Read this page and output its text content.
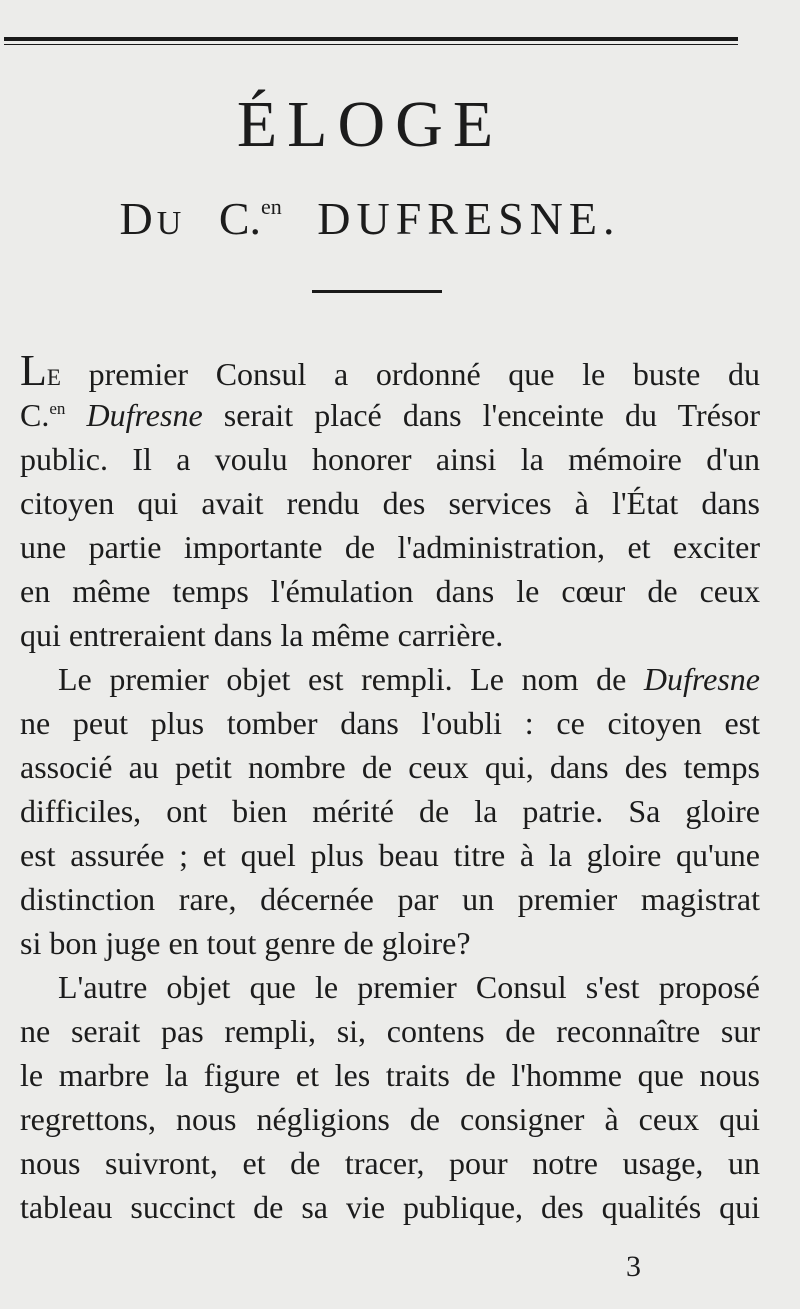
ÉLOGE
DU C.$^{en}$ DUFRESNE.
LE premier Consul a ordonné que le buste du
C.$^{en}$ Dufresne serait placé dans l'enceinte du Trésor
public. Il a voulu honorer ainsi la mémoire d'un
citoyen qui avait rendu des services à l'État dans
une partie importante de l'administration, et exciter
en même temps l'émulation dans le cœur de ceux
qui entreraient dans la même carrière.
Le premier objet est rempli. Le nom de Dufresne
ne peut plus tomber dans l'oubli : ce citoyen est
associé au petit nombre de ceux qui, dans des temps
difficiles, ont bien mérité de la patrie. Sa gloire
est assurée ; et quel plus beau titre à la gloire qu'une
distinction rare, décernée par un premier magistrat
si bon juge en tout genre de gloire?
L'autre objet que le premier Consul s'est proposé
ne serait pas rempli, si, contens de reconnaître sur
le marbre la figure et les traits de l'homme que nous
regrettons, nous négligions de consigner à ceux qui
nous suivront, et de tracer, pour notre usage, un
tableau succinct de sa vie publique, des qualités qui
3
